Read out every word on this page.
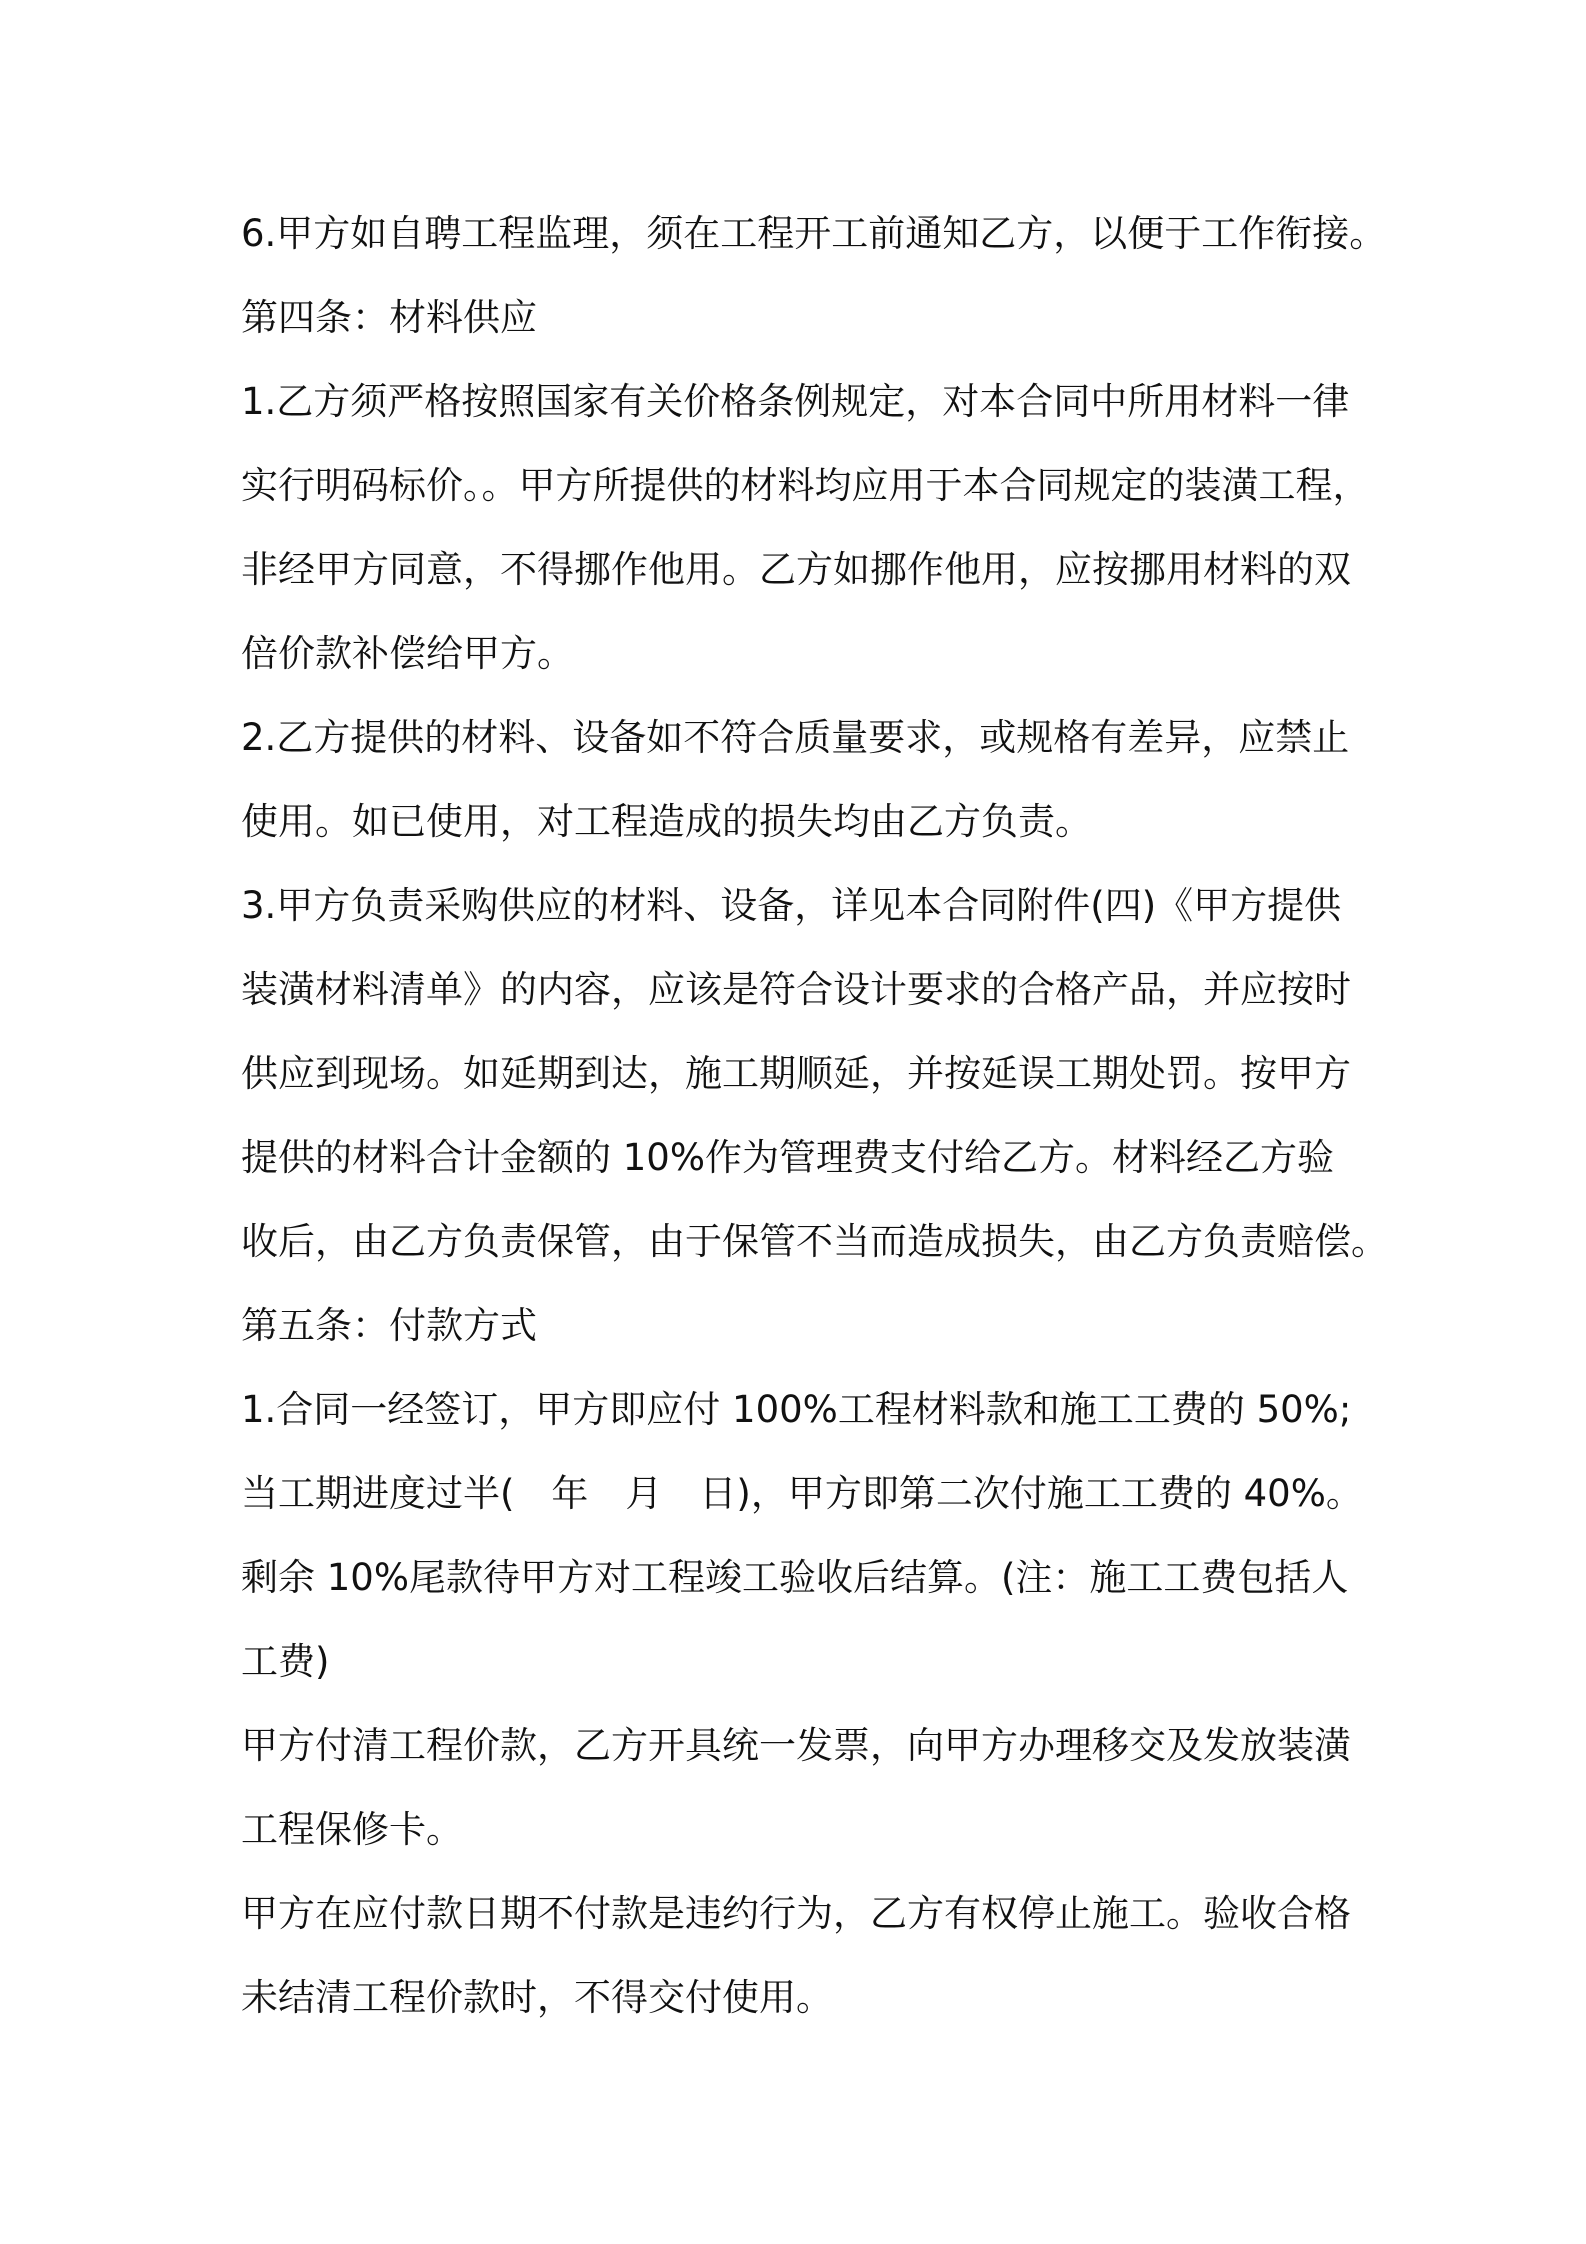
6.甲方如自聘工程监理，须在工程开工前通知乙方，以便于工作衔接。
第四条：材料供应
1.乙方须严格按照国家有关价格条例规定，对本合同中所用材料一律
实行明码标价。。甲方所提供的材料均应用于本合同规定的装潢工程，
非经甲方同意，不得挪作他用。乙方如挪作他用，应按挪用材料的双
倍价款补偿给甲方。
2.乙方提供的材料、设备如不符合质量要求，或规格有差异，应禁止
使用。如已使用，对工程造成的损失均由乙方负责。
3.甲方负责采购供应的材料、设备，详见本合同附件(四)《甲方提供
装潢材料清单》的内容，应该是符合设计要求的合格产品，并应按时
供应到现场。如延期到达，施工期顺延，并按延误工期处罚。按甲方
提供的材料合计金额的 10%作为管理费支付给乙方。材料经乙方验
收后，由乙方负责保管，由于保管不当而造成损失，由乙方负责赔偿。
第五条：付款方式
1.合同一经签订，甲方即应付 100%工程材料款和施工工费的 50%;
当工期进度过半(　年　月　日)，甲方即第二次付施工工费的 40%。
剩余 10%尾款待甲方对工程竣工验收后结算。(注：施工工费包括人
工费)
甲方付清工程价款，乙方开具统一发票，向甲方办理移交及发放装潢
工程保修卡。
甲方在应付款日期不付款是违约行为，乙方有权停止施工。验收合格
未结清工程价款时，不得交付使用。
